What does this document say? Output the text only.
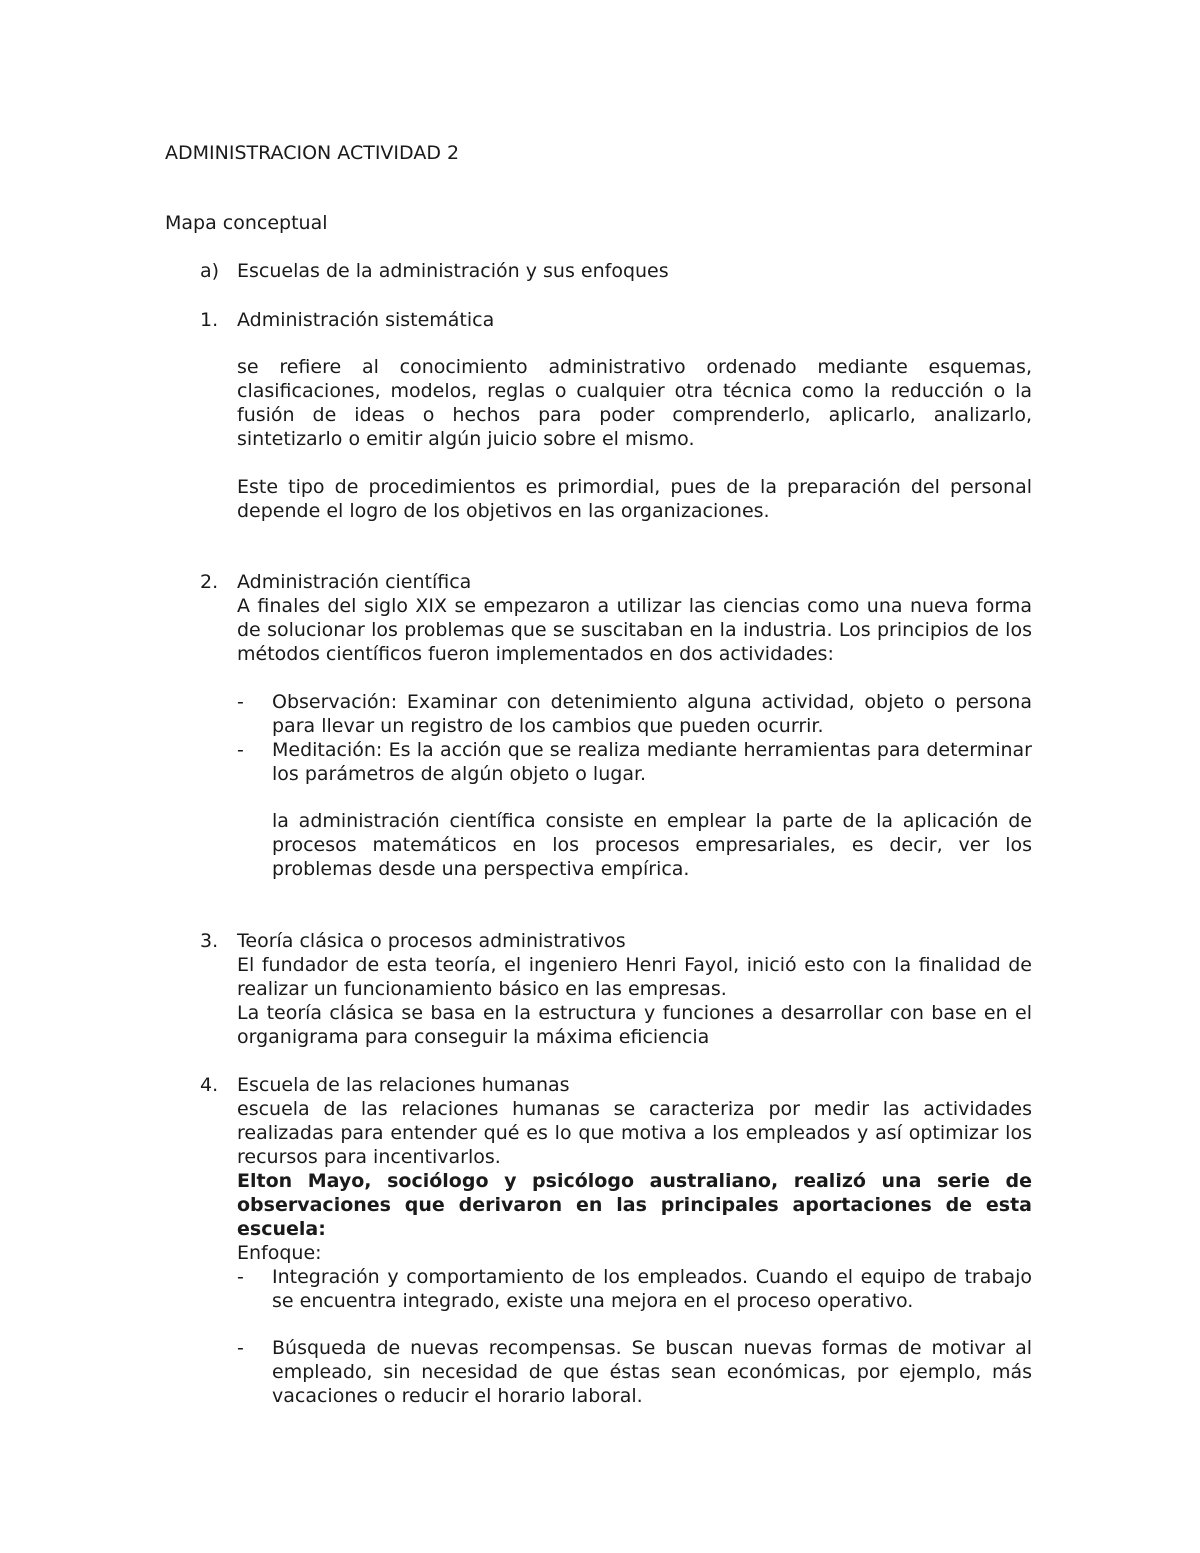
ADMINISTRACION ACTIVIDAD 2
Mapa conceptual
a) Escuelas de la administración y sus enfoques
1. Administración sistemática
se refiere al conocimiento administrativo ordenado mediante esquemas, clasificaciones, modelos, reglas o cualquier otra técnica como la reducción o la fusión de ideas o hechos para poder comprenderlo, aplicarlo, analizarlo, sintetizarlo o emitir algún juicio sobre el mismo.
Este tipo de procedimientos es primordial, pues de la preparación del personal depende el logro de los objetivos en las organizaciones.
2. Administración científica
A finales del siglo XIX se empezaron a utilizar las ciencias como una nueva forma de solucionar los problemas que se suscitaban en la industria. Los principios de los métodos científicos fueron implementados en dos actividades:
- Observación: Examinar con detenimiento alguna actividad, objeto o persona para llevar un registro de los cambios que pueden ocurrir.
- Meditación: Es la acción que se realiza mediante herramientas para determinar los parámetros de algún objeto o lugar.
la administración científica consiste en emplear la parte de la aplicación de procesos matemáticos en los procesos empresariales, es decir, ver los problemas desde una perspectiva empírica.
3. Teoría clásica o procesos administrativos
El fundador de esta teoría, el ingeniero Henri Fayol, inició esto con la finalidad de realizar un funcionamiento básico en las empresas.
La teoría clásica se basa en la estructura y funciones a desarrollar con base en el organigrama para conseguir la máxima eficiencia
4. Escuela de las relaciones humanas
escuela de las relaciones humanas se caracteriza por medir las actividades realizadas para entender qué es lo que motiva a los empleados y así optimizar los recursos para incentivarlos.
Elton Mayo, sociólogo y psicólogo australiano, realizó una serie de observaciones que derivaron en las principales aportaciones de esta escuela:
Enfoque:
- Integración y comportamiento de los empleados. Cuando el equipo de trabajo se encuentra integrado, existe una mejora en el proceso operativo.
- Búsqueda de nuevas recompensas. Se buscan nuevas formas de motivar al empleado, sin necesidad de que éstas sean económicas, por ejemplo, más vacaciones o reducir el horario laboral.
